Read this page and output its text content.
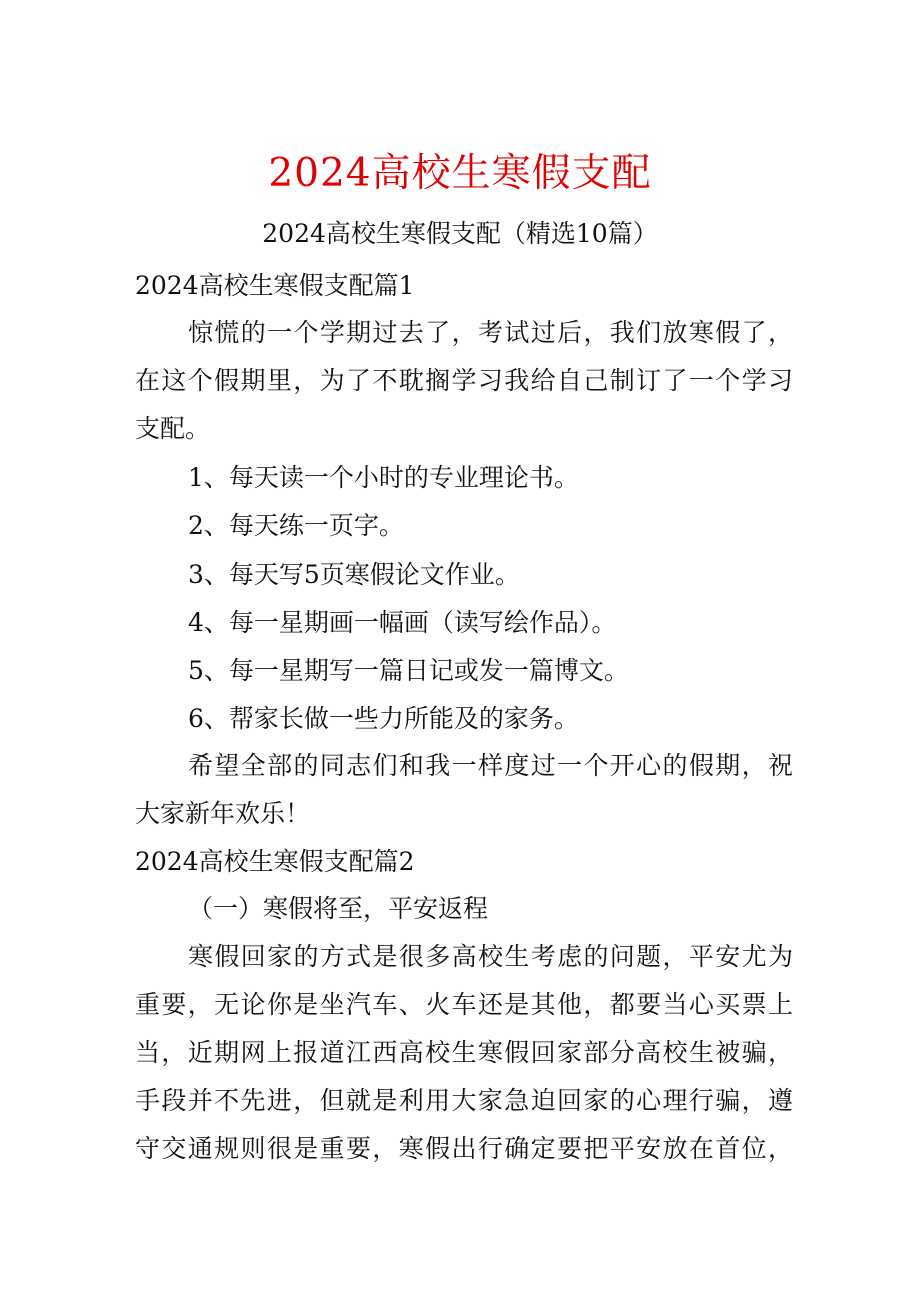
2024高校生寒假支配
2024高校生寒假支配（精选10篇）
2024高校生寒假支配篇1
惊慌的一个学期过去了，考试过后，我们放寒假了，
在这个假期里，为了不耽搁学习我给自己制订了一个学习
支配。
1、每天读一个小时的专业理论书。
2、每天练一页字。
3、每天写5页寒假论文作业。
4、每一星期画一幅画（读写绘作品）。
5、每一星期写一篇日记或发一篇博文。
6、帮家长做一些力所能及的家务。
希望全部的同志们和我一样度过一个开心的假期，祝
大家新年欢乐！
2024高校生寒假支配篇2
（一）寒假将至，平安返程
寒假回家的方式是很多高校生考虑的问题，平安尤为
重要，无论你是坐汽车、火车还是其他，都要当心买票上
当，近期网上报道江西高校生寒假回家部分高校生被骗，
手段并不先进，但就是利用大家急迫回家的心理行骗，遵
守交通规则很是重要，寒假出行确定要把平安放在首位，
